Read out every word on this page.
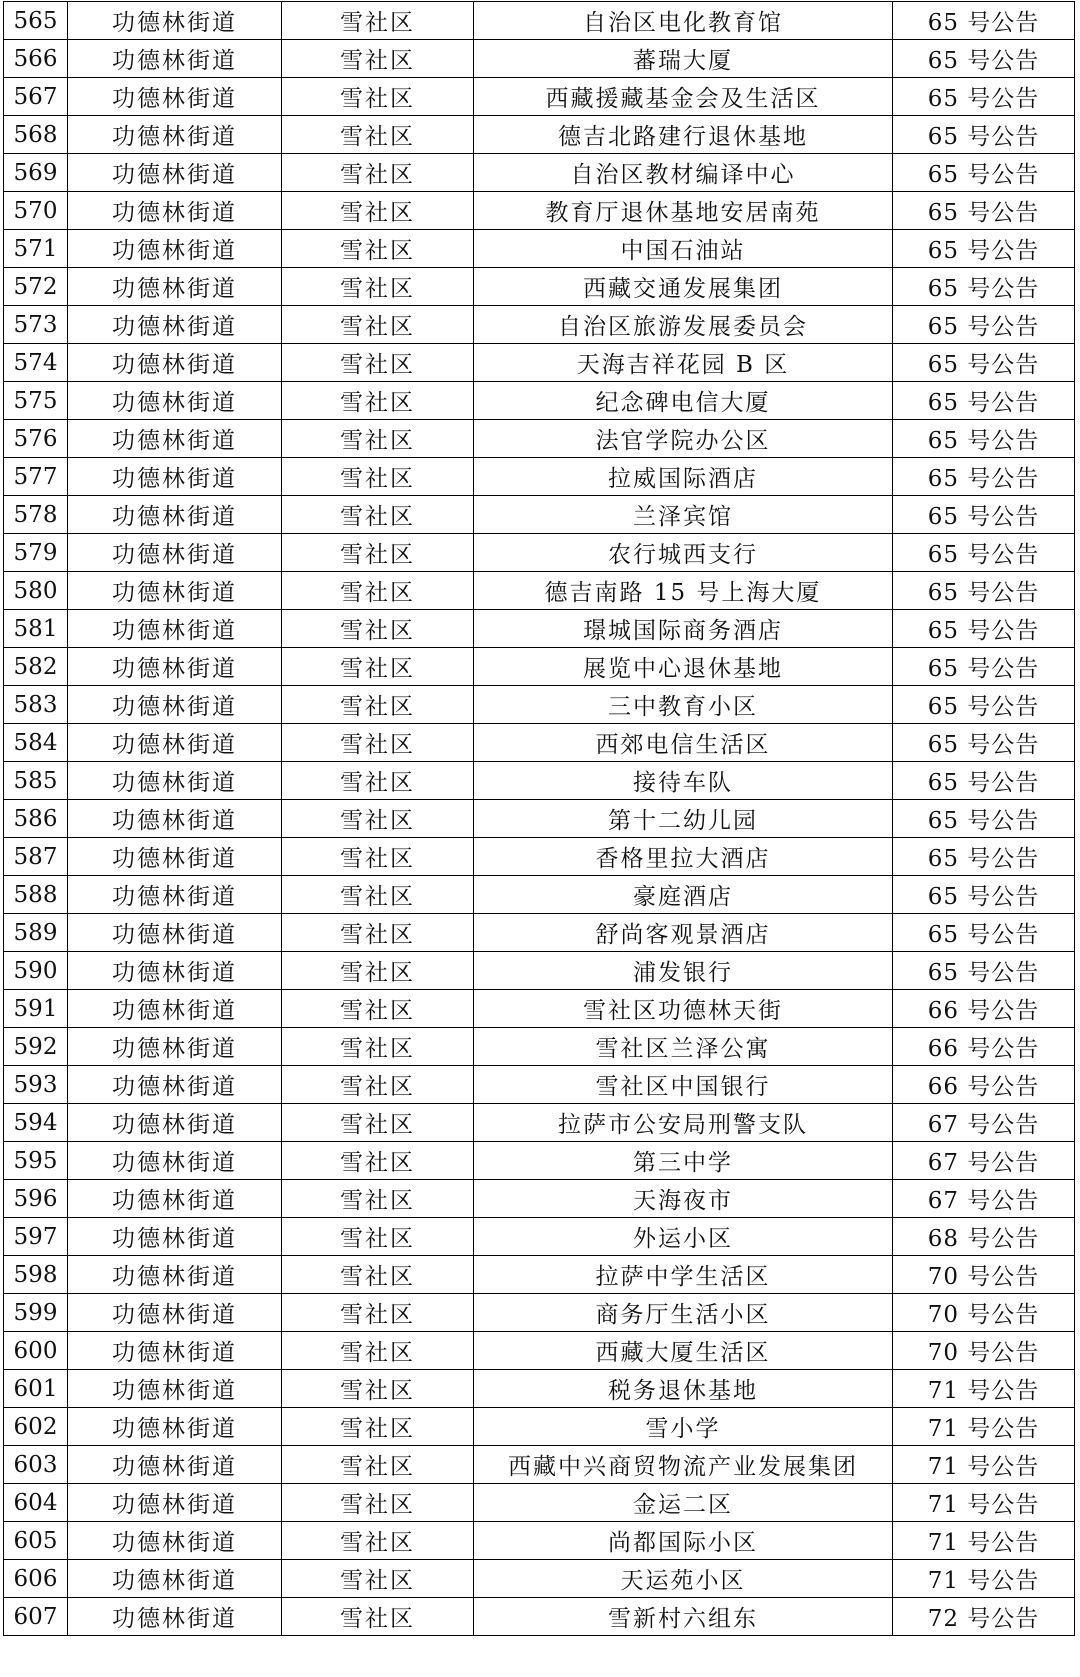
565	功德林街道	雪社区	自治区电化教育馆	65 号公告
566	功德林街道	雪社区	蕃瑞大厦	65 号公告
567	功德林街道	雪社区	西藏援藏基金会及生活区	65 号公告
568	功德林街道	雪社区	德吉北路建行退休基地	65 号公告
569	功德林街道	雪社区	自治区教材编译中心	65 号公告
570	功德林街道	雪社区	教育厅退休基地安居南苑	65 号公告
571	功德林街道	雪社区	中国石油站	65 号公告
572	功德林街道	雪社区	西藏交通发展集团	65 号公告
573	功德林街道	雪社区	自治区旅游发展委员会	65 号公告
574	功德林街道	雪社区	天海吉祥花园 B 区	65 号公告
575	功德林街道	雪社区	纪念碑电信大厦	65 号公告
576	功德林街道	雪社区	法官学院办公区	65 号公告
577	功德林街道	雪社区	拉威国际酒店	65 号公告
578	功德林街道	雪社区	兰泽宾馆	65 号公告
579	功德林街道	雪社区	农行城西支行	65 号公告
580	功德林街道	雪社区	德吉南路 15 号上海大厦	65 号公告
581	功德林街道	雪社区	璟城国际商务酒店	65 号公告
582	功德林街道	雪社区	展览中心退休基地	65 号公告
583	功德林街道	雪社区	三中教育小区	65 号公告
584	功德林街道	雪社区	西郊电信生活区	65 号公告
585	功德林街道	雪社区	接待车队	65 号公告
586	功德林街道	雪社区	第十二幼儿园	65 号公告
587	功德林街道	雪社区	香格里拉大酒店	65 号公告
588	功德林街道	雪社区	豪庭酒店	65 号公告
589	功德林街道	雪社区	舒尚客观景酒店	65 号公告
590	功德林街道	雪社区	浦发银行	65 号公告
591	功德林街道	雪社区	雪社区功德林天街	66 号公告
592	功德林街道	雪社区	雪社区兰泽公寓	66 号公告
593	功德林街道	雪社区	雪社区中国银行	66 号公告
594	功德林街道	雪社区	拉萨市公安局刑警支队	67 号公告
595	功德林街道	雪社区	第三中学	67 号公告
596	功德林街道	雪社区	天海夜市	67 号公告
597	功德林街道	雪社区	外运小区	68 号公告
598	功德林街道	雪社区	拉萨中学生活区	70 号公告
599	功德林街道	雪社区	商务厅生活小区	70 号公告
600	功德林街道	雪社区	西藏大厦生活区	70 号公告
601	功德林街道	雪社区	税务退休基地	71 号公告
602	功德林街道	雪社区	雪小学	71 号公告
603	功德林街道	雪社区	西藏中兴商贸物流产业发展集团	71 号公告
604	功德林街道	雪社区	金运二区	71 号公告
605	功德林街道	雪社区	尚都国际小区	71 号公告
606	功德林街道	雪社区	天运苑小区	71 号公告
607	功德林街道	雪社区	雪新村六组东	72 号公告
